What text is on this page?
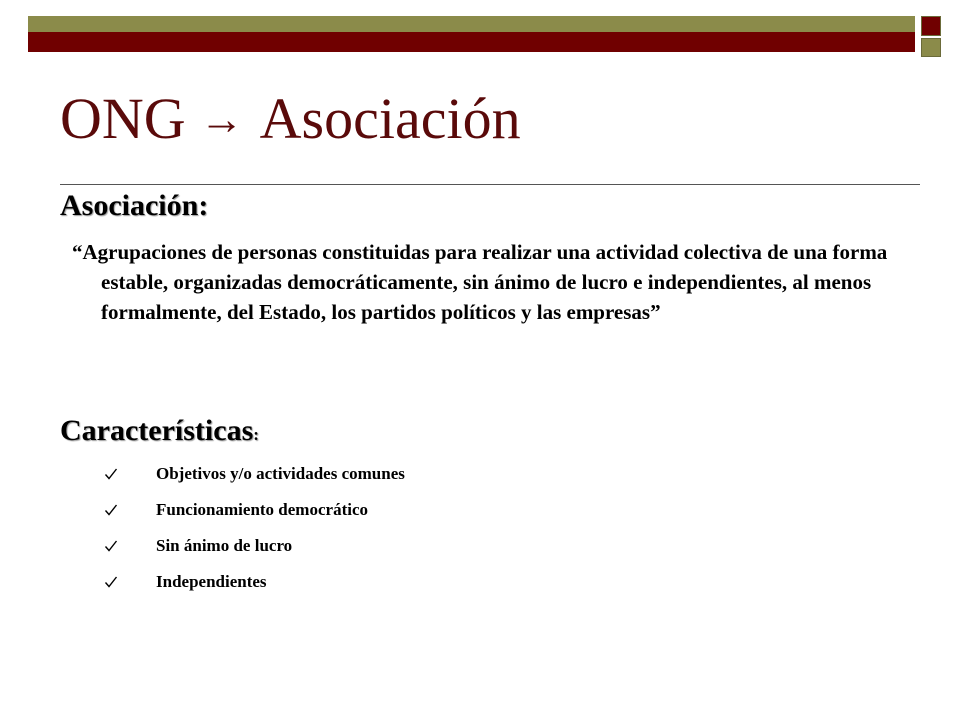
ONG → Asociación
Asociación:

“Agrupaciones de personas constituidas para realizar una actividad colectiva de una forma estable, organizadas democráticamente, sin ánimo de lucro e independientes, al menos formalmente, del Estado, los partidos políticos y las empresas”

Características:
Objetivos y/o actividades comunes
Funcionamiento democrático
Sin ánimo de lucro
Independientes
